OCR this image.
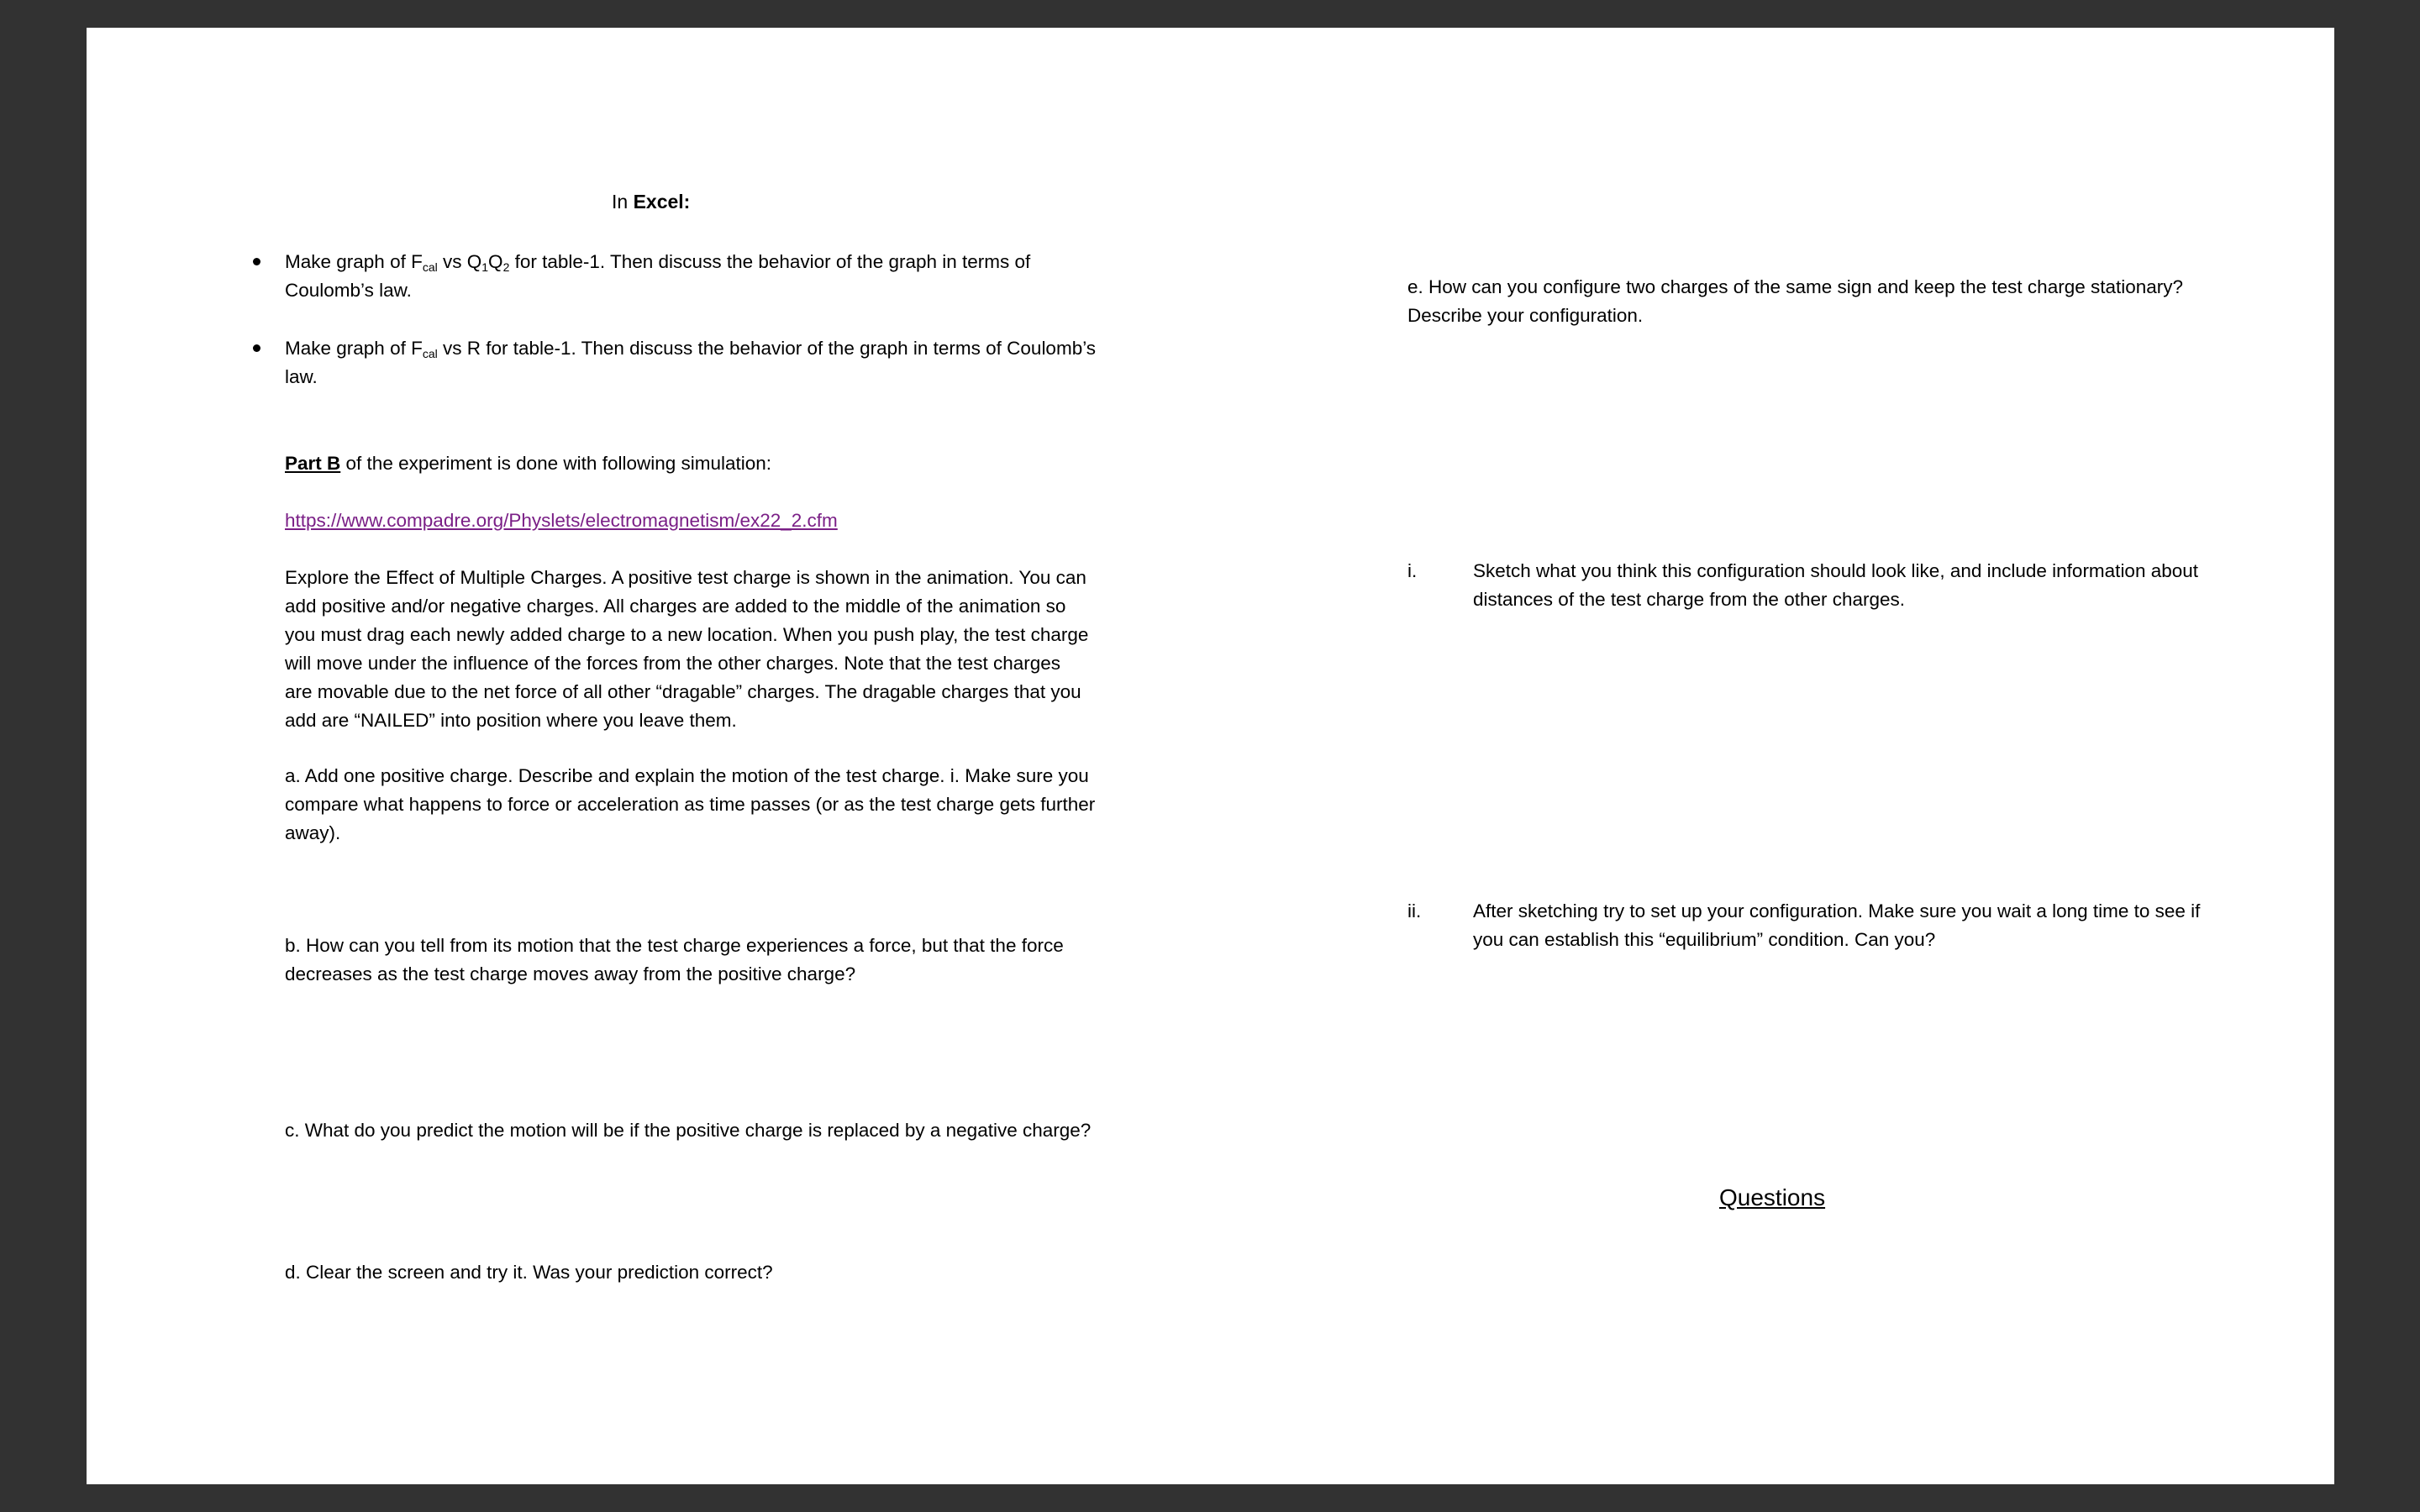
In Excel:
Make graph of $F_{cal}$ vs $Q_1Q_2$ for table-1. Then discuss the behavior of the graph in terms of
Coulomb’s law.
Make graph of $F_{cal}$ vs R for table-1. Then discuss the behavior of the graph in terms of Coulomb’s
law.
Part B of the experiment is done with following simulation:
https://www.compadre.org/Physlets/electromagnetism/ex22_2.cfm
Explore the Effect of Multiple Charges. A positive test charge is shown in the animation. You can
add positive and/or negative charges. All charges are added to the middle of the animation so
you must drag each newly added charge to a new location. When you push play, the test charge
will move under the influence of the forces from the other charges. Note that the test charges
are movable due to the net force of all other “dragable” charges. The dragable charges that you
add are “NAILED” into position where you leave them.
a. Add one positive charge. Describe and explain the motion of the test charge. i. Make sure you
compare what happens to force or acceleration as time passes (or as the test charge gets further
away).
b. How can you tell from its motion that the test charge experiences a force, but that the force
decreases as the test charge moves away from the positive charge?
c. What do you predict the motion will be if the positive charge is replaced by a negative charge?
d. Clear the screen and try it. Was your prediction correct?
e. How can you configure two charges of the same sign and keep the test charge stationary?
Describe your configuration.
i.	Sketch what you think this configuration should look like, and include information about
distances of the test charge from the other charges.
ii.	After sketching try to set up your configuration. Make sure you wait a long time to see if
you can establish this “equilibrium” condition. Can you?
Questions
